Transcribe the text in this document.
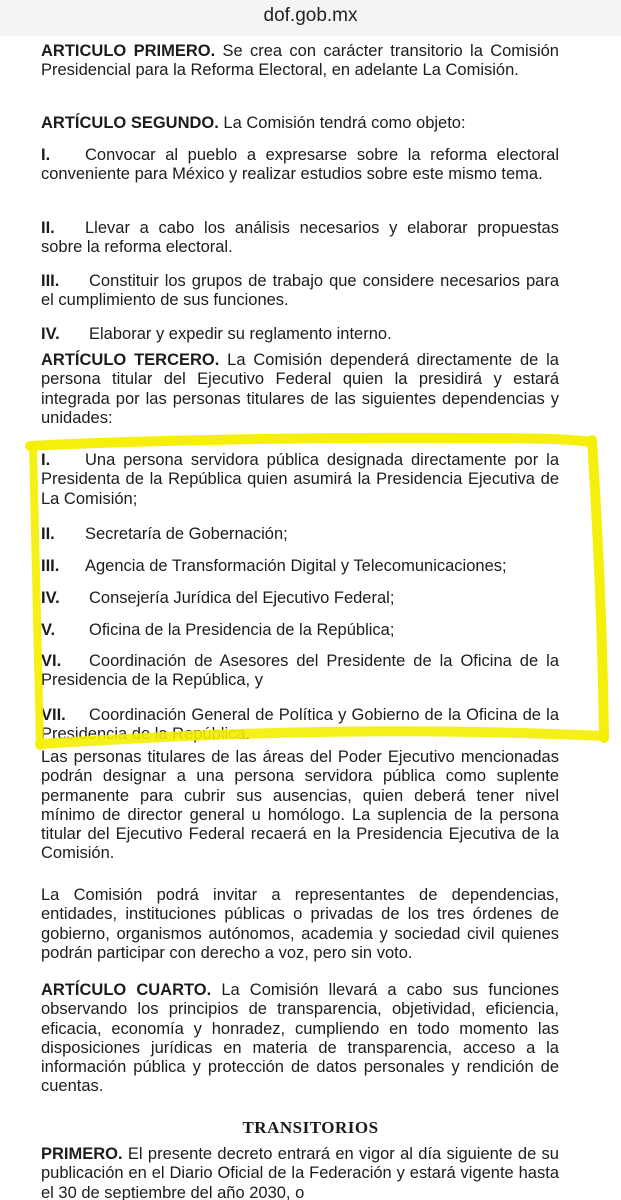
dof.gob.mx

ARTICULO PRIMERO. Se crea con carácter transitorio la Comisión Presidencial para la Reforma Electoral, en adelante La Comisión.

ARTÍCULO SEGUNDO. La Comisión tendrá como objeto:

I. Convocar al pueblo a expresarse sobre la reforma electoral conveniente para México y realizar estudios sobre este mismo tema.

II. Llevar a cabo los análisis necesarios y elaborar propuestas sobre la reforma electoral.

III. Constituir los grupos de trabajo que considere necesarios para el cumplimiento de sus funciones.

IV. Elaborar y expedir su reglamento interno.

ARTÍCULO TERCERO. La Comisión dependerá directamente de la persona titular del Ejecutivo Federal quien la presidirá y estará integrada por las personas titulares de las siguientes dependencias y unidades:

I. Una persona servidora pública designada directamente por la Presidenta de la República quien asumirá la Presidencia Ejecutiva de La Comisión;

II. Secretaría de Gobernación;

III. Agencia de Transformación Digital y Telecomunicaciones;

IV. Consejería Jurídica del Ejecutivo Federal;

V. Oficina de la Presidencia de la República;

VI. Coordinación de Asesores del Presidente de la Oficina de la Presidencia de la República, y

VII. Coordinación General de Política y Gobierno de la Oficina de la Presidencia de la República.

Las personas titulares de las áreas del Poder Ejecutivo mencionadas podrán designar a una persona servidora pública como suplente permanente para cubrir sus ausencias, quien deberá tener nivel mínimo de director general u homólogo. La suplencia de la persona titular del Ejecutivo Federal recaerá en la Presidencia Ejecutiva de la Comisión.

La Comisión podrá invitar a representantes de dependencias, entidades, instituciones públicas o privadas de los tres órdenes de gobierno, organismos autónomos, academia y sociedad civil quienes podrán participar con derecho a voz, pero sin voto.

ARTÍCULO CUARTO. La Comisión llevará a cabo sus funciones observando los principios de transparencia, objetividad, eficiencia, eficacia, economía y honradez, cumpliendo en todo momento las disposiciones jurídicas en materia de transparencia, acceso a la información pública y protección de datos personales y rendición de cuentas.

TRANSITORIOS

PRIMERO. El presente decreto entrará en vigor al día siguiente de su publicación en el Diario Oficial de la Federación y estará vigente hasta el 30 de septiembre del año 2030, o
